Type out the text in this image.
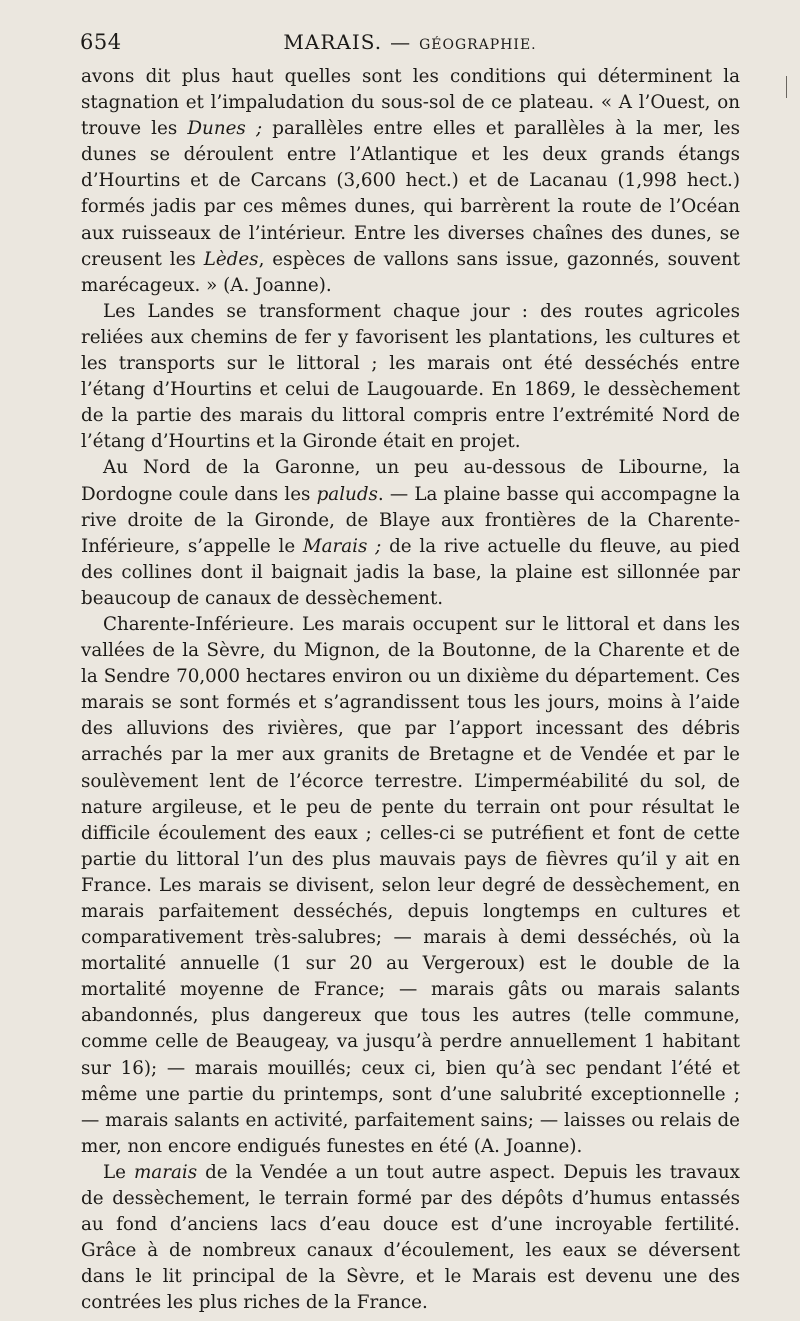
654	MARAIS. — GÉOGRAPHIE.

avons dit plus haut quelles sont les conditions qui déterminent la stagnation et l’impaludation du sous-sol de ce plateau. « A l’Ouest, on trouve les Dunes ; parallèles entre elles et parallèles à la mer, les dunes se déroulent entre l’Atlantique et les deux grands étangs d’Hourtins et de Carcans (3,600 hect.) et de Lacanau (1,998 hect.) formés jadis par ces mêmes dunes, qui barrèrent la route de l’Océan aux ruisseaux de l’intérieur. Entre les diverses chaînes des dunes, se creusent les Lèdes, espèces de vallons sans issue, gazonnés, souvent marécageux. » (A. Joanne).

Les Landes se transforment chaque jour : des routes agricoles reliées aux chemins de fer y favorisent les plantations, les cultures et les transports sur le littoral ; les marais ont été desséchés entre l’étang d’Hourtins et celui de Laugouarde. En 1869, le dessèchement de la partie des marais du littoral compris entre l’extrémité Nord de l’étang d’Hourtins et la Gironde était en projet.

Au Nord de la Garonne, un peu au-dessous de Libourne, la Dordogne coule dans les paluds. — La plaine basse qui accompagne la rive droite de la Gironde, de Blaye aux frontières de la Charente-Inférieure, s’appelle le Marais ; de la rive actuelle du fleuve, au pied des collines dont il baignait jadis la base, la plaine est sillonnée par beaucoup de canaux de dessèchement.

Charente-Inférieure. Les marais occupent sur le littoral et dans les vallées de la Sèvre, du Mignon, de la Boutonne, de la Charente et de la Sendre 70,000 hectares environ ou un dixième du département. Ces marais se sont formés et s’agrandissent tous les jours, moins à l’aide des alluvions des rivières, que par l’apport incessant des débris arrachés par la mer aux granits de Bretagne et de Vendée et par le soulèvement lent de l’écorce terrestre. L’imperméabilité du sol, de nature argileuse, et le peu de pente du terrain ont pour résultat le difficile écoulement des eaux ; celles-ci se putréfient et font de cette partie du littoral l’un des plus mauvais pays de fièvres qu’il y ait en France. Les marais se divisent, selon leur degré de dessèchement, en marais parfaitement desséchés, depuis longtemps en cultures et comparativement très-salubres; — marais à demi desséchés, où la mortalité annuelle (1 sur 20 au Vergeroux) est le double de la mortalité moyenne de France; — marais gâts ou marais salants abandonnés, plus dangereux que tous les autres (telle commune, comme celle de Beaugeay, va jusqu’à perdre annuellement 1 habitant sur 16); — marais mouillés; ceux ci, bien qu’à sec pendant l’été et même une partie du printemps, sont d’une salubrité exceptionnelle ; — marais salants en activité, parfaitement sains; — laisses ou relais de mer, non encore endigués funestes en été (A. Joanne).

Le marais de la Vendée a un tout autre aspect. Depuis les travaux de dessèchement, le terrain formé par des dépôts d’humus entassés au fond d’anciens lacs d’eau douce est d’une incroyable fertilité. Grâce à de nombreux canaux d’écoulement, les eaux se déversent dans le lit principal de la Sèvre, et le Marais est devenu une des contrées les plus riches de la France.
